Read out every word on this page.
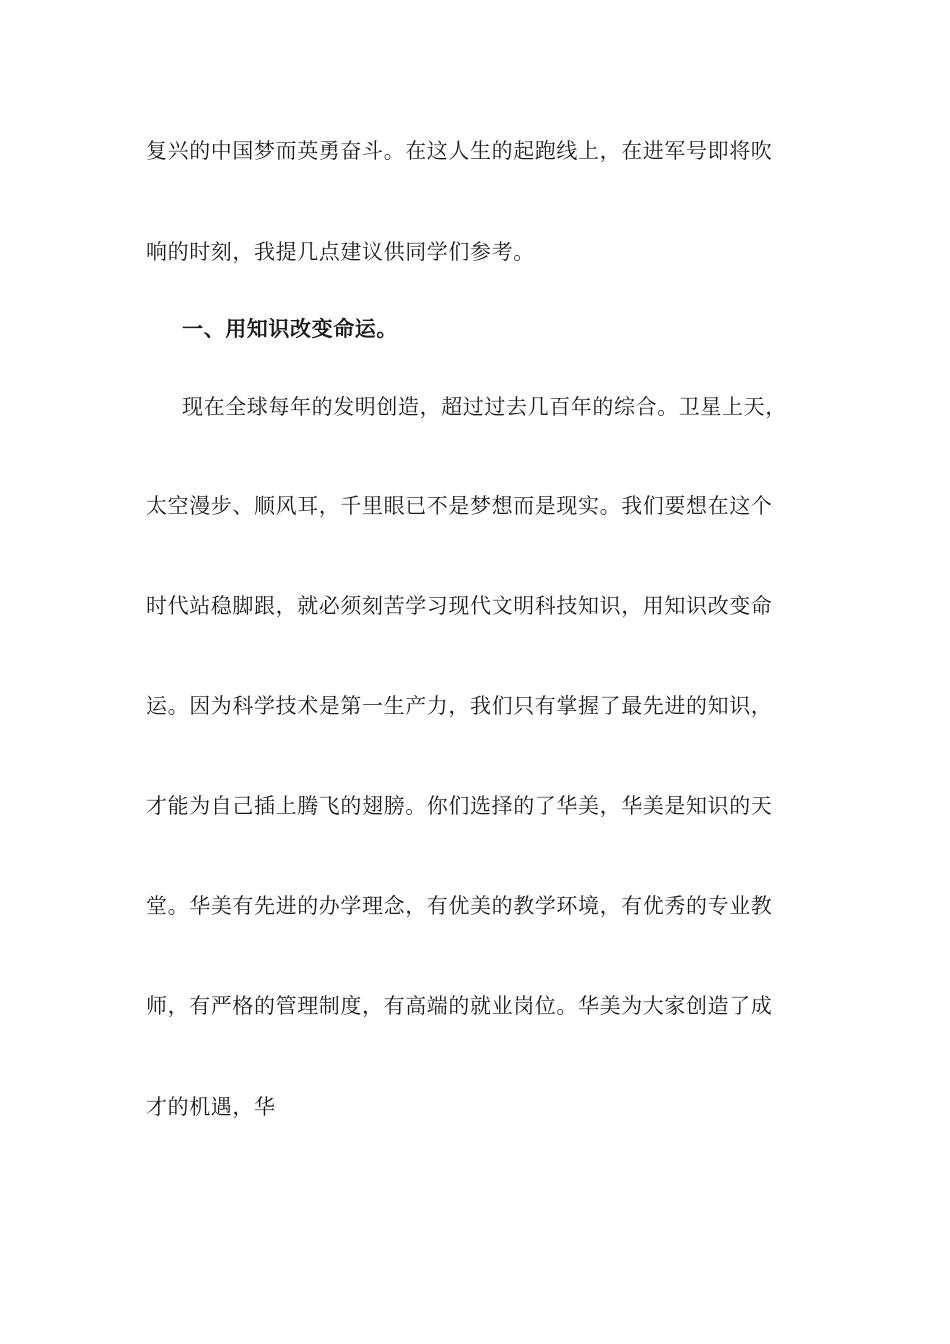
复兴的中国梦而英勇奋斗。在这人生的起跑线上，在进军号即将吹
响的时刻，我提几点建议供同学们参考。
一、用知识改变命运。
现在全球每年的发明创造，超过过去几百年的综合。卫星上天，
太空漫步、顺风耳，千里眼已不是梦想而是现实。我们要想在这个
时代站稳脚跟，就必须刻苦学习现代文明科技知识，用知识改变命
运。因为科学技术是第一生产力，我们只有掌握了最先进的知识，
才能为自己插上腾飞的翅膀。你们选择的了华美，华美是知识的天
堂。华美有先进的办学理念，有优美的教学环境，有优秀的专业教
师，有严格的管理制度，有高端的就业岗位。华美为大家创造了成
才的机遇，华
